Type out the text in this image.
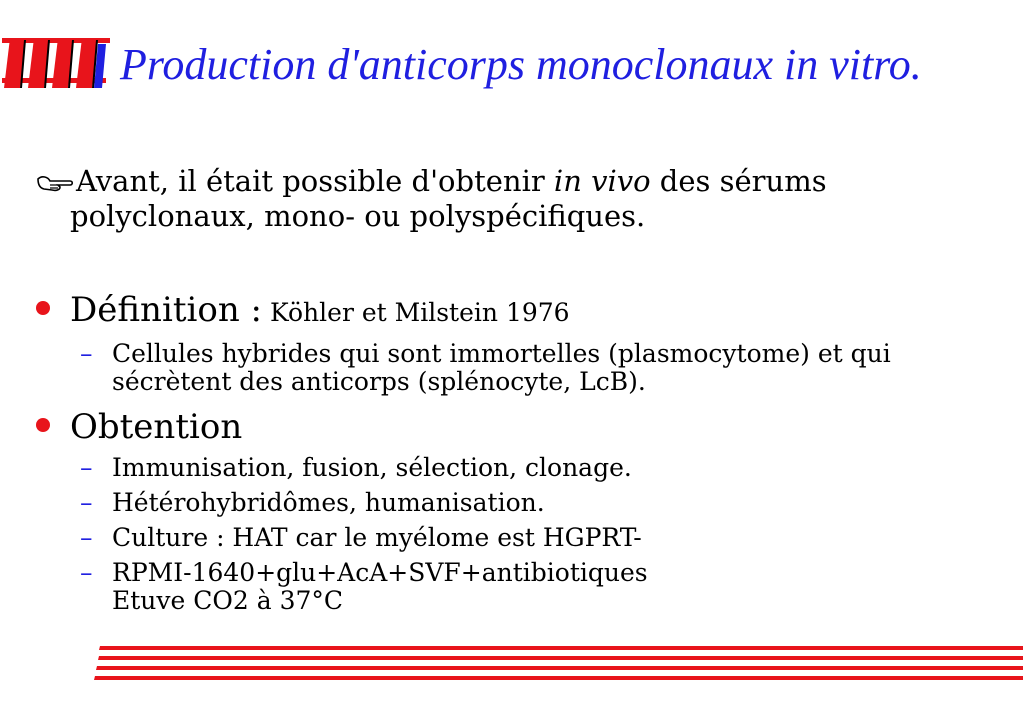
Production d'anticorps monoclonaux in vitro.
Avant, il était possible d'obtenir in vivo des sérums
polyclonaux, mono- ou polyspécifiques.
Définition : Köhler et Milstein 1976
– Cellules hybrides qui sont immortelles (plasmocytome) et qui
sécrètent des anticorps (splénocyte, LcB).
Obtention
– Immunisation, fusion, sélection, clonage.
– Hétérohybridômes, humanisation.
– Culture : HAT car le myélome est HGPRT-
– RPMI-1640+glu+AcA+SVF+antibiotiques
Etuve CO2 à 37°C
